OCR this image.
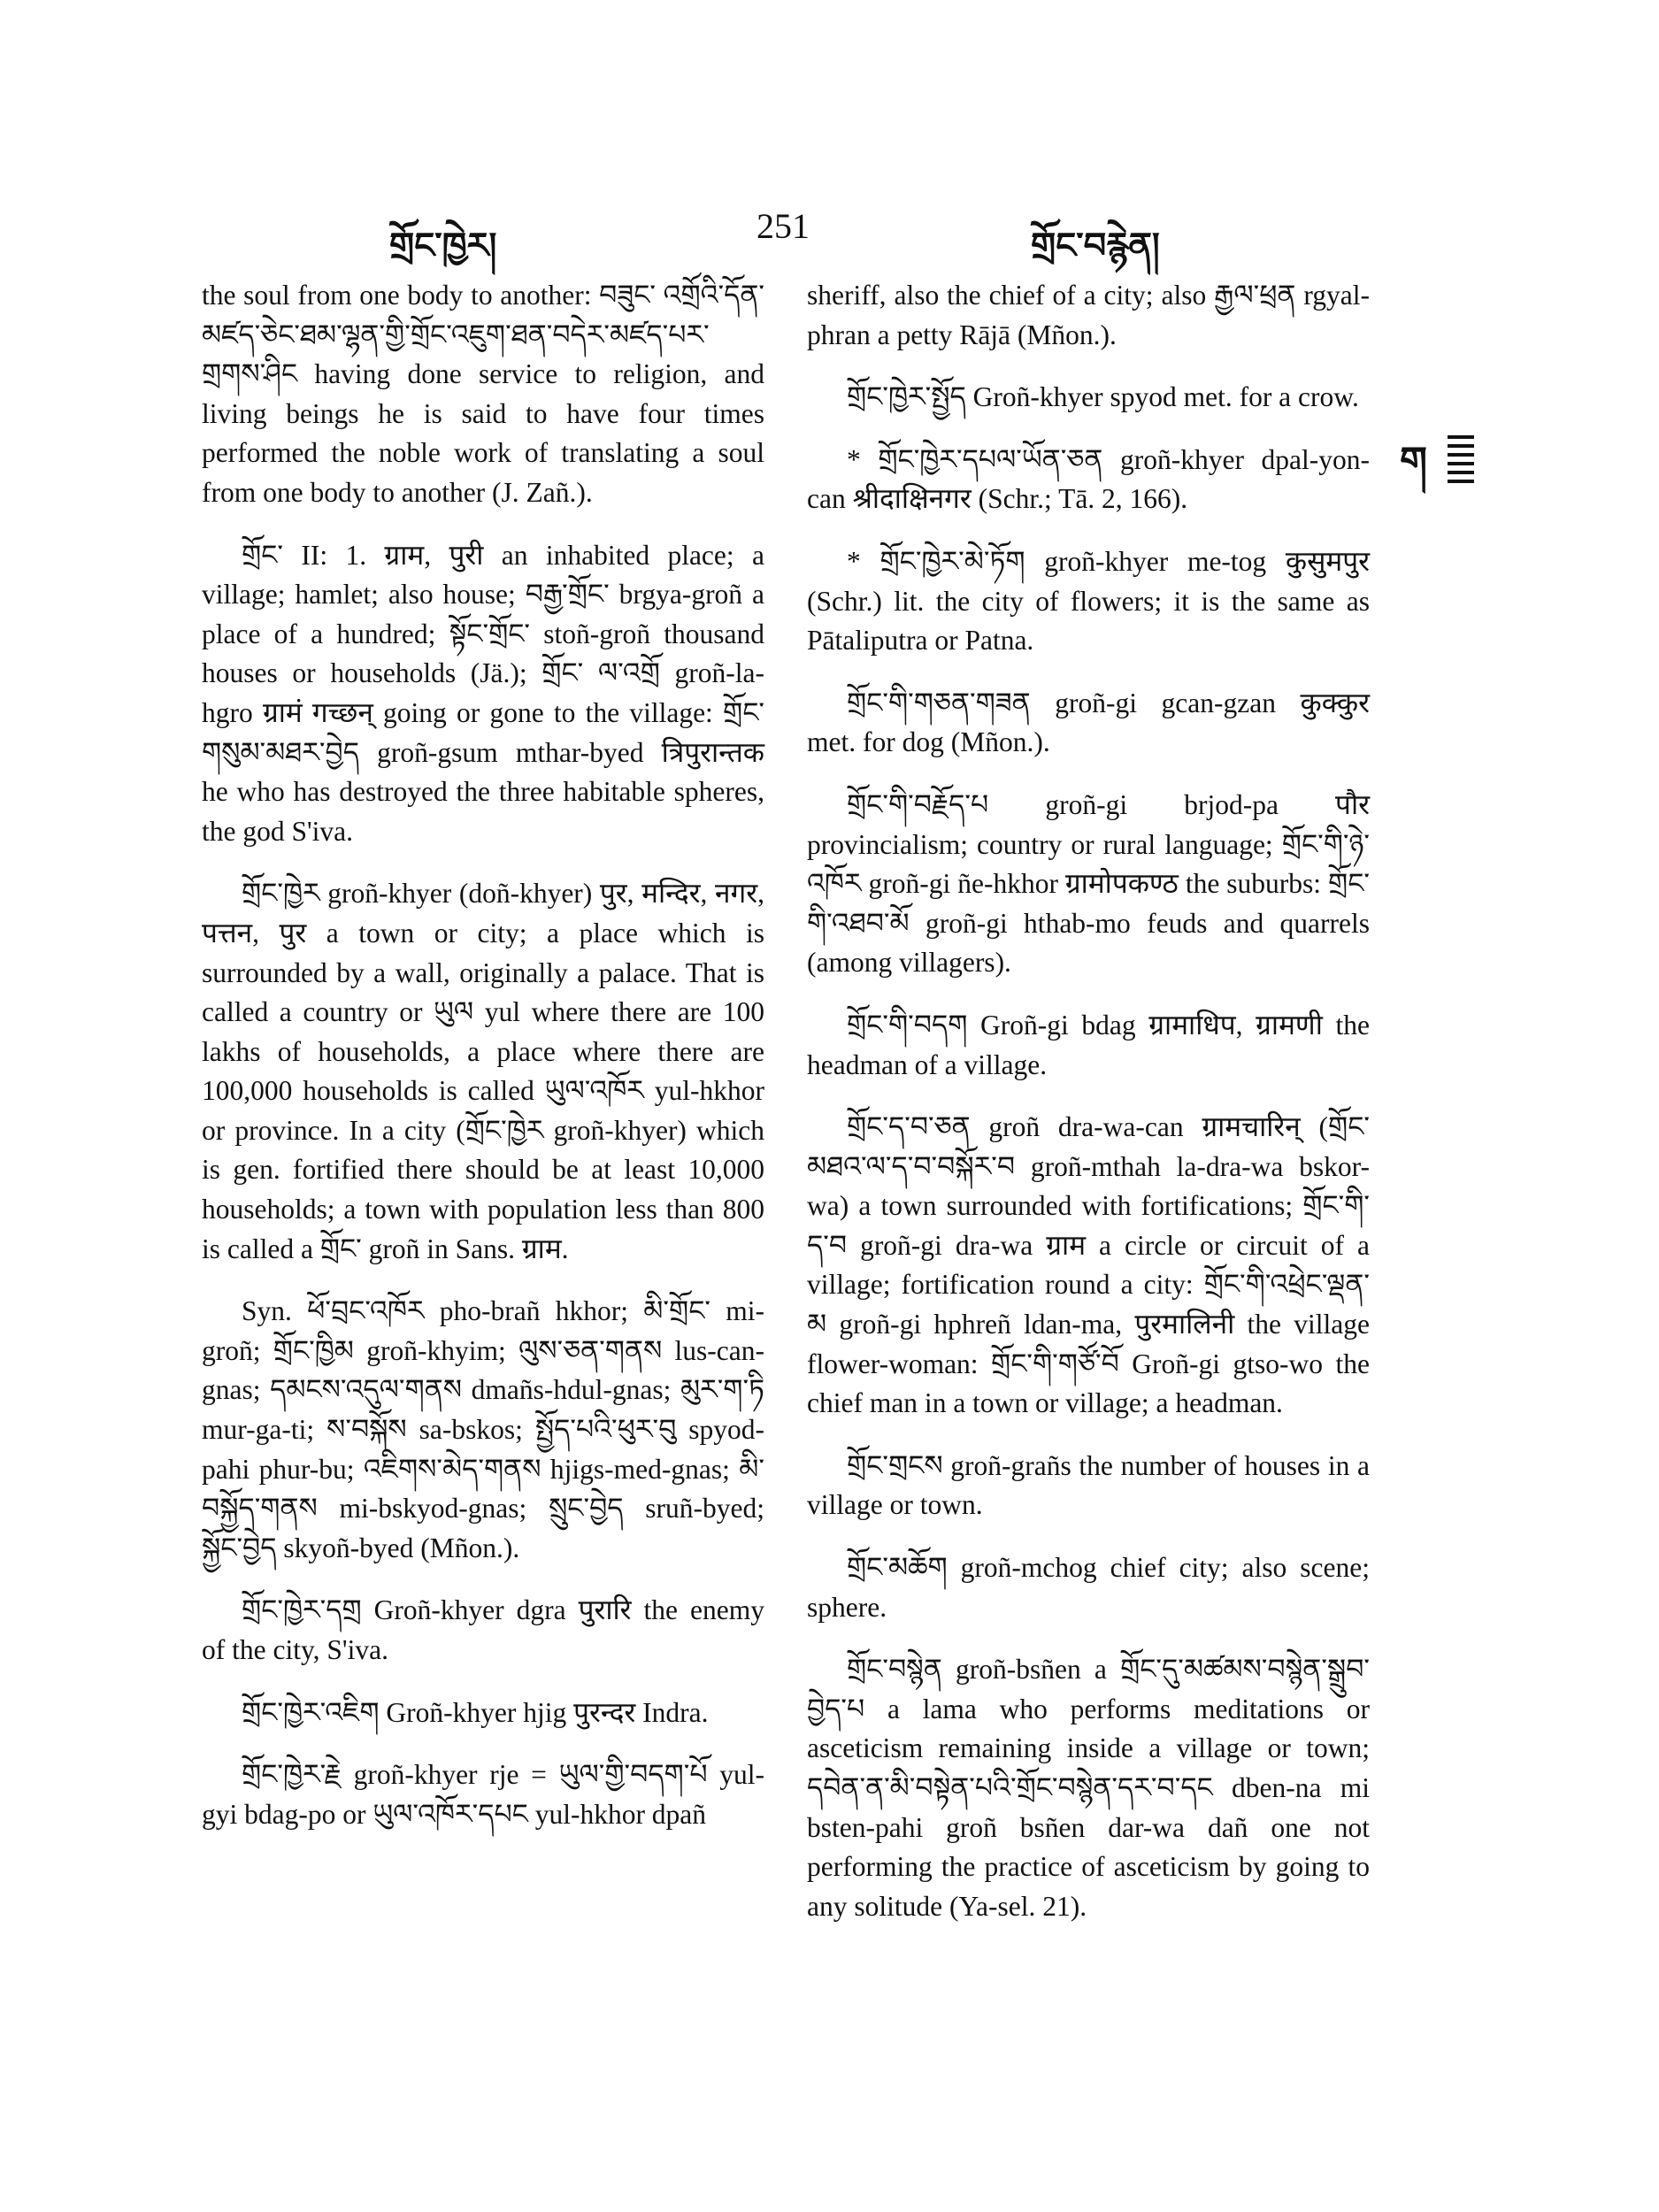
གྲོང་ཁྱེར།	251	གྲོང་བརྙེན།
ག

the soul from one body to another: བཟུང་ འགྲོའི་དོན་མཛད་ཅེང་ཐམ་ལྷན་གྱི་གྲོང་འཇུག་ཐན་བདེར་མཛད་པར་ གྲགས་ཤིང having done service to religion, and living beings he is said to have four times performed the noble work of translating a soul from one body to another (J. Zañ.).

གྲོང་ II: 1. ग्राम, पुरी an inhabited place; a village; hamlet; also house; བརྒྱ་གྲོང་ brgya-groñ a place of a hundred; སྟོང་གྲོང་ stoñ-groñ thousand houses or households (Jä.); གྲོང་ ལ་འགྲོ groñ-la-hgro ग्रामं गच्छन् going or gone to the village: གྲོང་གསུམ་མཐར་བྱེད groñ-gsum mthar-byed त्रिपुरान्तक he who has destroyed the three habitable spheres, the god S'iva.

གྲོང་ཁྱེར groñ-khyer (doñ-khyer) पुर, मन्दिर, नगर, पत्तन, पुर a town or city; a place which is surrounded by a wall, originally a palace. That is called a country or ཡུལ yul where there are 100 lakhs of households, a place where there are 100,000 households is called ཡུལ་འཁོར yul-hkhor or province. In a city (གྲོང་ཁྱེར groñ-khyer) which is gen. fortified there should be at least 10,000 households; a town with population less than 800 is called a གྲོང་ groñ in Sans. ग्राम.

Syn. ཕོ་བྲང་འཁོར pho-brañ hkhor; མི་གྲོང་ mi-groñ; གྲོང་ཁྱིམ groñ-khyim; ལུས་ཅན་གནས lus-can-gnas; དམངས་འདུལ་གནས dmañs-hdul-gnas; མུར་ག་ཏི mur-ga-ti; ས་བསྐོས sa-bskos; སྤྱོད་པའི་ཕུར་བུ spyod-pahi phur-bu; འཇིགས་མེད་གནས hjigs-med-gnas; མི་བསྐྱོད་གནས mi-bskyod-gnas; སྲུང་བྱེད sruñ-byed; སྐྱོང་བྱེད skyoñ-byed (Mñon.).

གྲོང་ཁྱེར་དགྲ Groñ-khyer dgra पुरारि the enemy of the city, S'iva.

གྲོང་ཁྱེར་འཇིག Groñ-khyer hjig पुरन्दर Indra.

གྲོང་ཁྱེར་རྗེ groñ-khyer rje = ཡུལ་གྱི་བདག་པོ yul-gyi bdag-po or ཡུལ་འཁོར་དཔང yul-hkhor dpañ

sheriff, also the chief of a city; also རྒྱལ་ཕྲན rgyal-phran a petty Rājā (Mñon.).

གྲོང་ཁྱེར་སྤྱོད Groñ-khyer spyod met. for a crow.

* གྲོང་ཁྱེར་དཔལ་ཡོན་ཅན groñ-khyer dpal-yon-can श्रीदाक्षिनगर (Schr.; Tā. 2, 166).

* གྲོང་ཁྱེར་མེ་ཏོག groñ-khyer me-tog कुसुमपुर (Schr.) lit. the city of flowers; it is the same as Pātaliputra or Patna.

གྲོང་གི་གཅན་གཟན groñ-gi gcan-gzan कुक्कुर met. for dog (Mñon.).

གྲོང་གི་བརྗོད་པ groñ-gi brjod-pa पौर provincialism; country or rural language; གྲོང་གི་ཉེ་འཁོར groñ-gi ñe-hkhor ग्रामोपकण्ठ the suburbs: གྲོང་གི་འཐབ་མོ groñ-gi hthab-mo feuds and quarrels (among villagers).

གྲོང་གི་བདག Groñ-gi bdag ग्रामाधिप, ग्रामणी the headman of a village.

གྲོང་ད་བ་ཅན groñ dra-wa-can ग्रामचारिन् (གྲོང་མཐའ་ལ་ད་བ་བསྐོར་བ groñ-mthah la-dra-wa bskor-wa) a town surrounded with fortifications; གྲོང་གི་ད་བ groñ-gi dra-wa ग्राम a circle or circuit of a village; fortification round a city: གྲོང་གི་འཕྲེང་ལྡན་མ groñ-gi hphreñ ldan-ma, पुरमालिनी the village flower-woman: གྲོང་གི་གཙོ་བོ Groñ-gi gtso-wo the chief man in a town or village; a headman.

གྲོང་གྲངས groñ-grañs the number of houses in a village or town.

གྲོང་མཆོག groñ-mchog chief city; also scene; sphere.

གྲོང་བསྙེན groñ-bsñen a གྲོང་དུ་མཚམས་བསྙེན་སྒྲུབ་བྱེད་པ a lama who performs meditations or asceticism remaining inside a village or town; དབེན་ན་མི་བསྟེན་པའི་གྲོང་བསྙེན་དར་བ་དང dben-na mi bsten-pahi groñ bsñen dar-wa dañ one not performing the practice of asceticism by going to any solitude (Ya-sel. 21).
